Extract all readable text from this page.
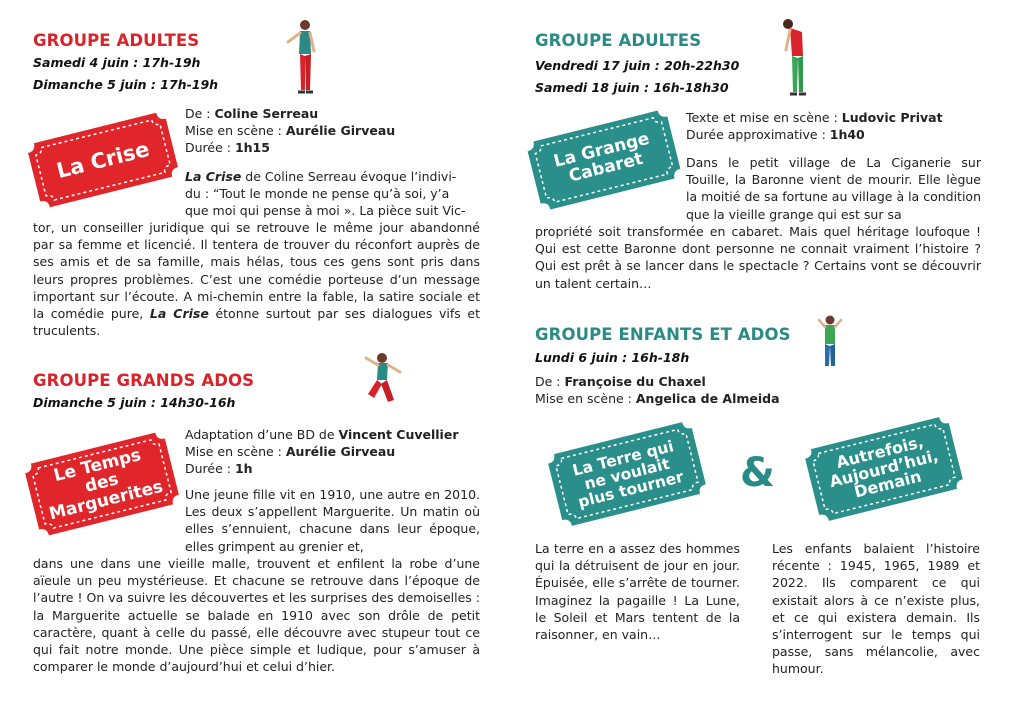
GROUPE ADULTES
Samedi 4 juin : 17h-19h
Dimanche 5 juin : 17h-19h
La Crise
De : Coline Serreau
Mise en scène : Aurélie Girveau
Durée : 1h15
La Crise de Coline Serreau évoque l’indivi-
du : “Tout le monde ne pense qu’à soi, y’a
que moi qui pense à moi ». La pièce suit Vic-
tor, un conseiller juridique qui se retrouve le même jour abandonné par sa femme et licencié. Il tentera de trouver du réconfort auprès de ses amis et de sa famille, mais hélas, tous ces gens sont pris dans leurs propres problèmes. C’est une comédie porteuse d’un message important sur l’écoute. A mi-chemin entre la fable, la satire sociale et la comédie pure, La Crise étonne surtout par ses dialogues vifs et truculents.
GROUPE GRANDS ADOS
Dimanche 5 juin : 14h30-16h
Le Temps des Marguerites
Adaptation d’une BD de Vincent Cuvellier
Mise en scène : Aurélie Girveau
Durée : 1h
Une jeune fille vit en 1910, une autre en 2010. Les deux s’appellent Marguerite. Un matin où elles s’ennuient, chacune dans leur époque, elles grimpent au grenier et,
dans une dans une vieille malle, trouvent et enfilent la robe d’une aïeule un peu mystérieuse. Et chacune se retrouve dans l’époque de l’autre ! On va suivre les découvertes et les surprises des demoiselles : la Marguerite actuelle se balade en 1910 avec son drôle de petit caractère, quant à celle du passé, elle découvre avec stupeur tout ce qui fait notre monde. Une pièce simple et ludique, pour s’amuser à comparer le monde d’aujourd’hui et celui d’hier.
GROUPE ADULTES
Vendredi 17 juin : 20h-22h30
Samedi 18 juin : 16h-18h30
La Grange Cabaret
Texte et mise en scène : Ludovic Privat
Durée approximative : 1h40
Dans le petit village de La Ciganerie sur Touille, la Baronne vient de mourir. Elle lègue la moitié de sa fortune au village à la condition que la vieille grange qui est sur sa
propriété soit transformée en cabaret. Mais quel héritage loufoque ! Qui est cette Baronne dont personne ne connait vraiment l’histoire ? Qui est prêt à se lancer dans le spectacle ? Certains vont se découvrir un talent certain…
GROUPE ENFANTS ET ADOS
Lundi 6 juin : 16h-18h
De : Françoise du Chaxel
Mise en scène : Angelica de Almeida
La Terre qui ne voulait plus tourner &	Autrefois, Aujourd’hui, Demain
La terre en a assez des hommes qui la détruisent de jour en jour. Épuisée, elle s’arrête de tourner. Imaginez la pagaille ! La Lune, le Soleil et Mars tentent de la raisonner, en vain…
Les enfants balaient l’histoire récente : 1945, 1965, 1989 et 2022. Ils comparent ce qui existait alors à ce n’existe plus, et ce qui existera demain. Ils s’interrogent sur le temps qui passe, sans mélancolie, avec humour.
